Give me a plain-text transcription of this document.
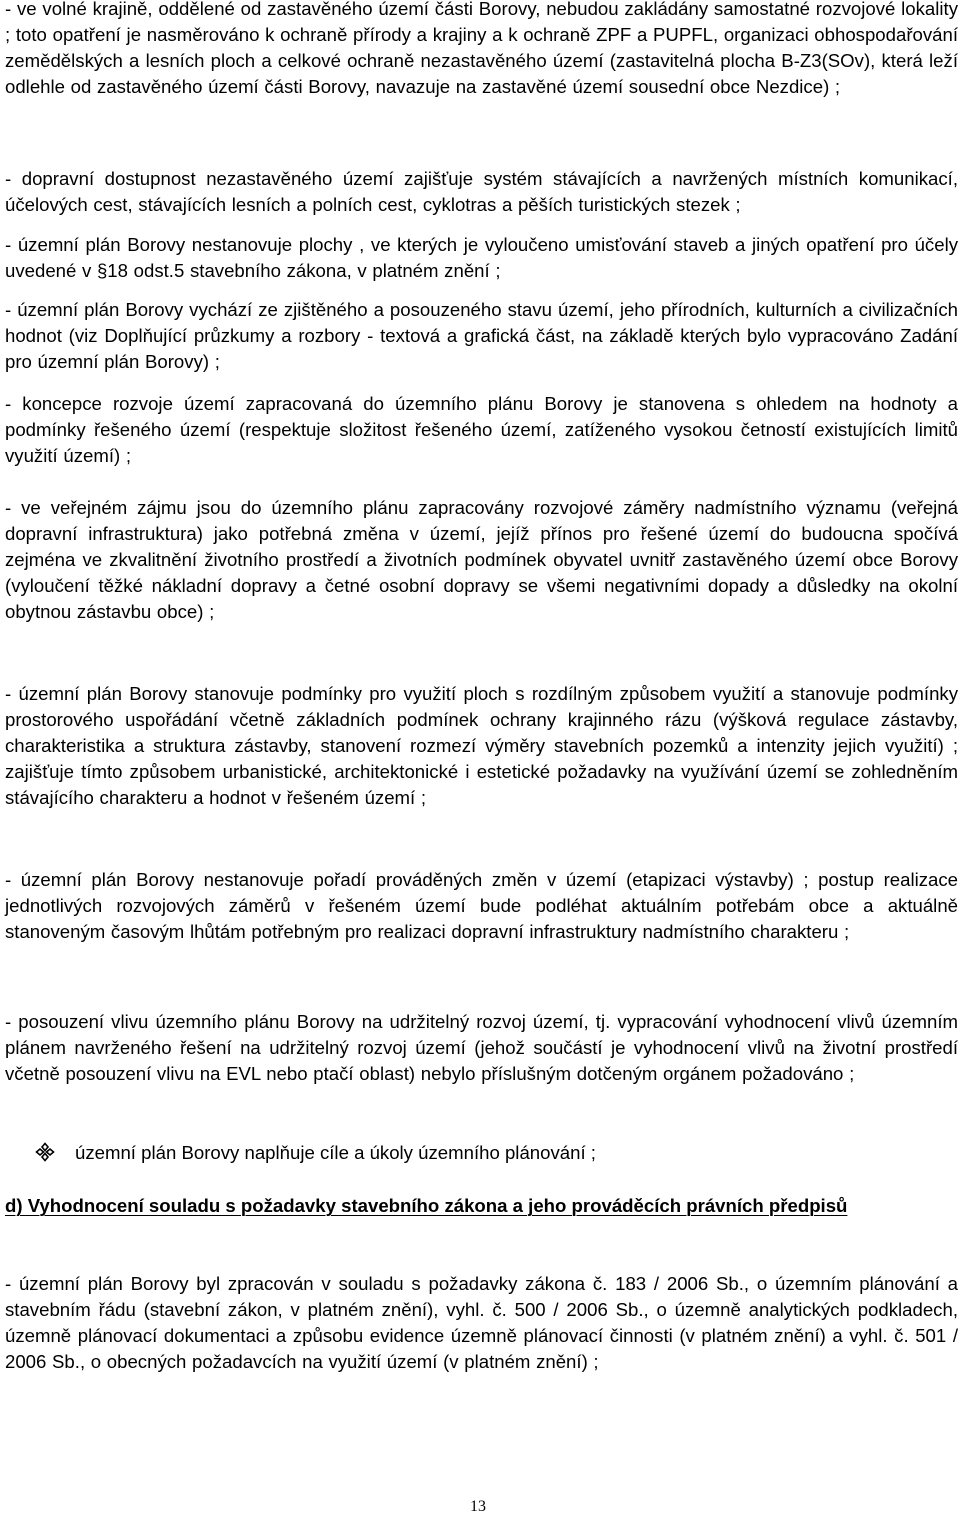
- ve volné krajině, oddělené od zastavěného území části Borovy, nebudou zakládány samostatné rozvojové lokality ; toto opatření je nasměrováno k ochraně přírody a krajiny a k ochraně ZPF a PUPFL, organizaci obhospodařování zemědělských a lesních ploch a celkové ochraně nezastavěného území (zastavitelná plocha B-Z3(SOv), která leží odlehle od zastavěného území části Borovy, navazuje na zastavěné území sousední obce Nezdice) ;

- dopravní dostupnost nezastavěného území zajišťuje systém stávajících a navržených místních komunikací, účelových cest, stávajících lesních a polních cest, cyklotras a pěších turistických stezek ;

- územní plán Borovy nestanovuje plochy , ve kterých je vyloučeno umisťování staveb a jiných opatření pro účely uvedené v §18 odst.5 stavebního zákona, v platném znění ;

- územní plán Borovy vychází ze zjištěného a posouzeného stavu území, jeho přírodních, kulturních a civilizačních hodnot (viz Doplňující průzkumy a rozbory - textová a grafická část, na základě kterých bylo vypracováno Zadání pro územní plán Borovy) ;

- koncepce rozvoje území zapracovaná do územního plánu Borovy je stanovena s ohledem na hodnoty a podmínky řešeného území (respektuje složitost řešeného území, zatíženého vysokou četností existujících limitů využití území) ;

- ve veřejném zájmu jsou do územního plánu zapracovány rozvojové záměry nadmístního významu (veřejná dopravní infrastruktura) jako potřebná změna v území, jejíž přínos pro řešené území do budoucna spočívá zejména ve zkvalitnění životního prostředí a životních podmínek obyvatel uvnitř zastavěného území obce Borovy (vyloučení těžké nákladní dopravy a četné osobní dopravy se všemi negativními dopady a důsledky na okolní obytnou zástavbu obce) ;

- územní plán Borovy stanovuje podmínky pro využití ploch s rozdílným způsobem využití a stanovuje podmínky prostorového uspořádání včetně základních podmínek ochrany krajinného rázu (výšková regulace zástavby, charakteristika a struktura zástavby, stanovení rozmezí výměry stavebních pozemků a intenzity jejich využití) ; zajišťuje tímto způsobem urbanistické, architektonické i estetické požadavky na využívání území se zohledněním stávajícího charakteru a hodnot v řešeném území ;

- územní plán Borovy nestanovuje pořadí prováděných změn v území (etapizaci výstavby) ; postup realizace jednotlivých rozvojových záměrů v řešeném území bude podléhat aktuálním potřebám obce a aktuálně stanoveným časovým lhůtám potřebným pro realizaci dopravní infrastruktury nadmístního charakteru ;

- posouzení vlivu územního plánu Borovy na udržitelný rozvoj území, tj. vypracování vyhodnocení vlivů územním plánem navrženého řešení na udržitelný rozvoj území (jehož součástí je vyhodnocení vlivů na životní prostředí včetně posouzení vlivu na EVL nebo ptačí oblast) nebylo příslušným dotčeným orgánem požadováno ;

územní plán Borovy naplňuje cíle a úkoly územního plánování ;

d) Vyhodnocení souladu s požadavky stavebního zákona a jeho prováděcích právních předpisů

- územní plán Borovy byl zpracován v souladu s požadavky zákona č. 183 / 2006 Sb., o územním plánování a stavebním řádu (stavební zákon, v platném znění), vyhl. č. 500 / 2006 Sb., o územně analytických podkladech, územně plánovací dokumentaci a způsobu evidence územně plánovací činnosti (v platném znění) a vyhl. č. 501 / 2006 Sb., o obecných požadavcích na využití území (v platném znění) ;

13
